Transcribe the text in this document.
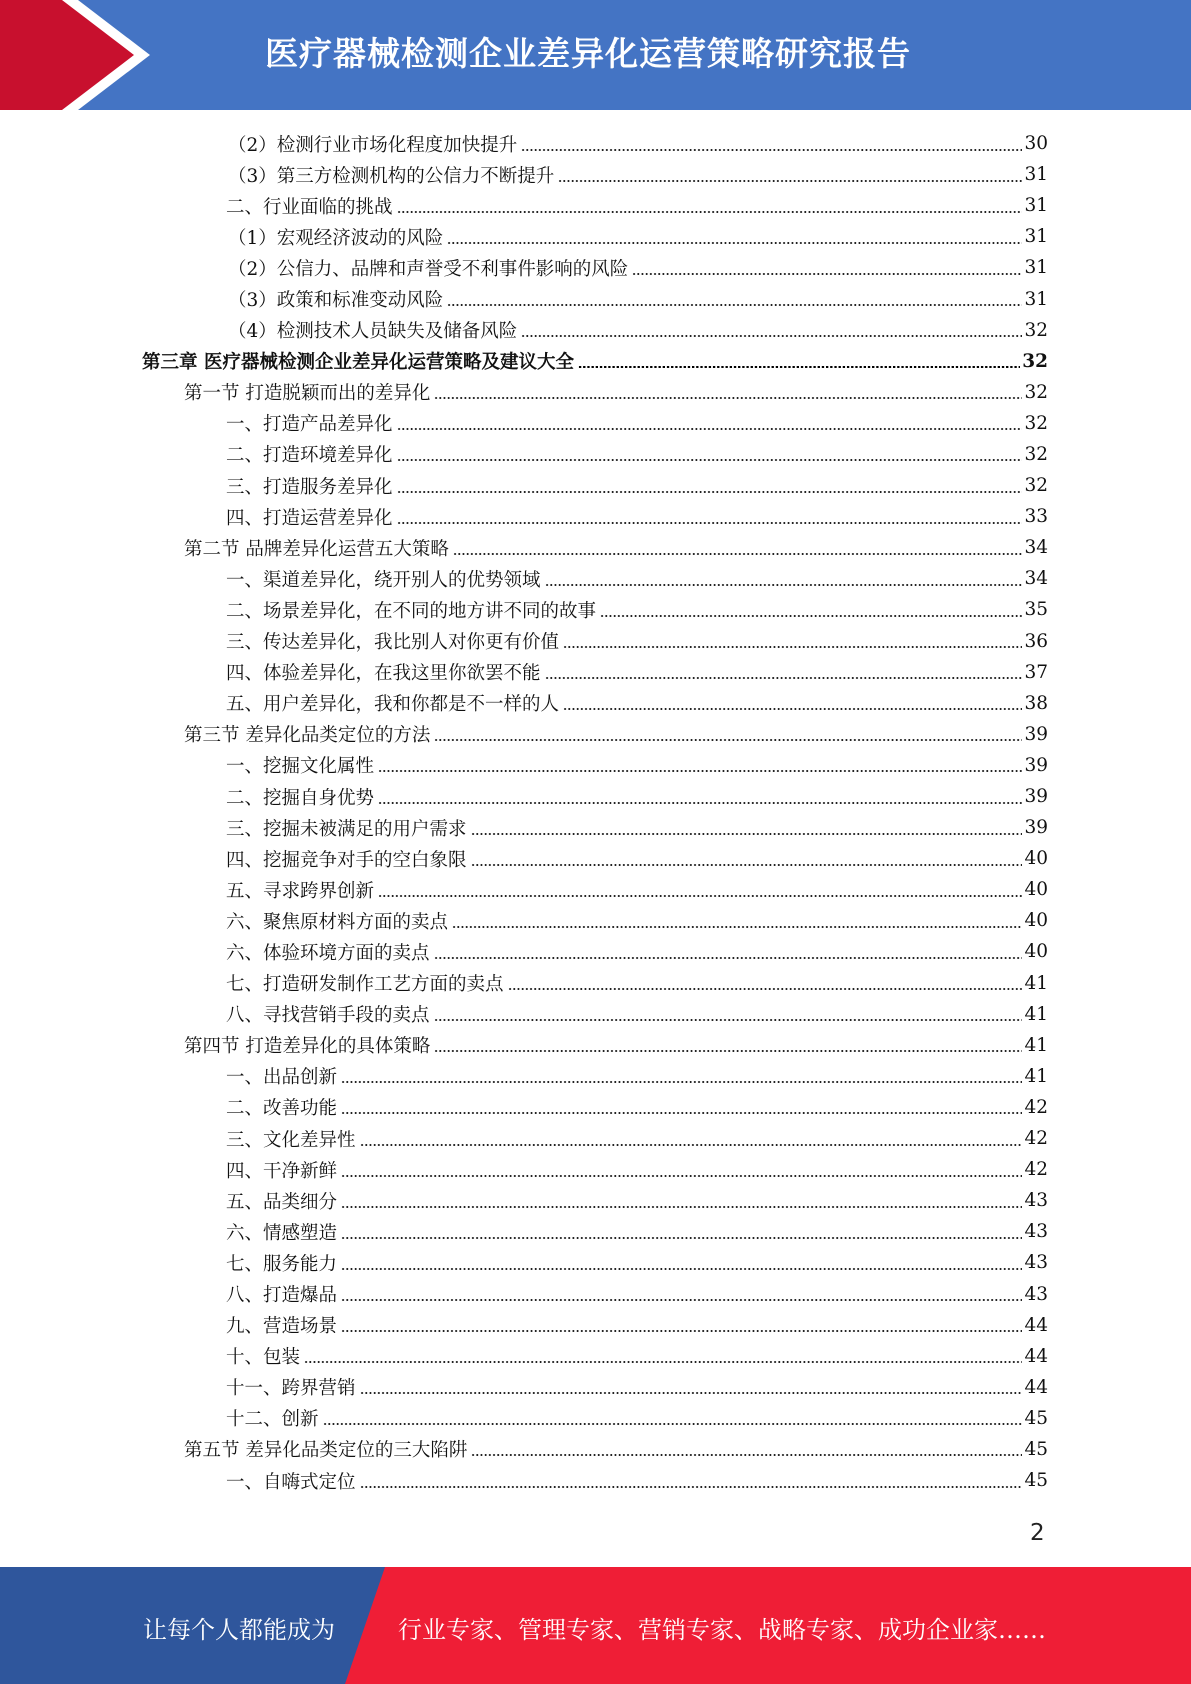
医疗器械检测企业差异化运营策略研究报告
（2）检测行业市场化程度加快提升	30
（3）第三方检测机构的公信力不断提升	31
二、行业面临的挑战	31
（1）宏观经济波动的风险	31
（2）公信力、品牌和声誉受不利事件影响的风险	31
（3）政策和标准变动风险	31
（4）检测技术人员缺失及储备风险	32
第三章 医疗器械检测企业差异化运营策略及建议大全	32
第一节 打造脱颖而出的差异化	32
一、打造产品差异化	32
二、打造环境差异化	32
三、打造服务差异化	32
四、打造运营差异化	33
第二节 品牌差异化运营五大策略	34
一、渠道差异化，绕开别人的优势领域	34
二、场景差异化，在不同的地方讲不同的故事	35
三、传达差异化，我比别人对你更有价值	36
四、体验差异化，在我这里你欲罢不能	37
五、用户差异化，我和你都是不一样的人	38
第三节 差异化品类定位的方法	39
一、挖掘文化属性	39
二、挖掘自身优势	39
三、挖掘未被满足的用户需求	39
四、挖掘竞争对手的空白象限	40
五、寻求跨界创新	40
六、聚焦原材料方面的卖点	40
六、体验环境方面的卖点	40
七、打造研发制作工艺方面的卖点	41
八、寻找营销手段的卖点	41
第四节 打造差异化的具体策略	41
一、出品创新	41
二、改善功能	42
三、文化差异性	42
四、干净新鲜	42
五、品类细分	43
六、情感塑造	43
七、服务能力	43
八、打造爆品	43
九、营造场景	44
十、包装	44
十一、跨界营销	44
十二、创新	45
第五节 差异化品类定位的三大陷阱	45
一、自嗨式定位	45
2
让每个人都能成为	行业专家、管理专家、营销专家、战略专家、成功企业家……
